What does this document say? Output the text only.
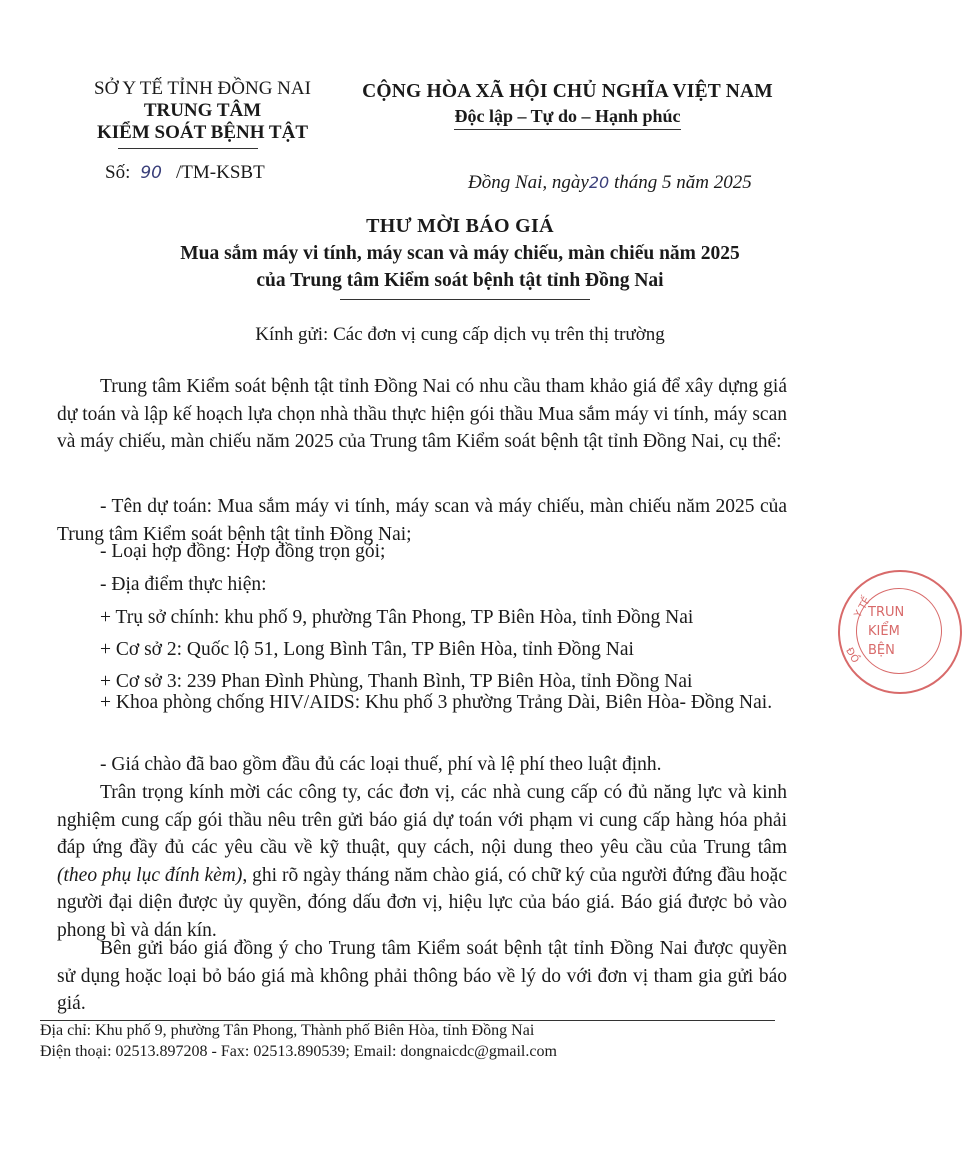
SỞ Y TẾ TỈNH ĐỒNG NAI
TRUNG TÂM
KIỂM SOÁT BỆNH TẬT
CỘNG HÒA XÃ HỘI CHỦ NGHĨA VIỆT NAM
Độc lập – Tự do – Hạnh phúc
Số: 90 /TM-KSBT	Đồng Nai, ngày20 tháng 5 năm 2025
THƯ MỜI BÁO GIÁ
Mua sắm máy vi tính, máy scan và máy chiếu, màn chiếu năm 2025
của Trung tâm Kiểm soát bệnh tật tỉnh Đồng Nai
Kính gửi: Các đơn vị cung cấp dịch vụ trên thị trường
Trung tâm Kiểm soát bệnh tật tỉnh Đồng Nai có nhu cầu tham khảo giá để xây dựng giá dự toán và lập kế hoạch lựa chọn nhà thầu thực hiện gói thầu Mua sắm máy vi tính, máy scan và máy chiếu, màn chiếu năm 2025 của Trung tâm Kiểm soát bệnh tật tỉnh Đồng Nai, cụ thể:
- Tên dự toán: Mua sắm máy vi tính, máy scan và máy chiếu, màn chiếu năm 2025 của Trung tâm Kiểm soát bệnh tật tỉnh Đồng Nai;
- Loại hợp đồng: Hợp đồng trọn gói;
- Địa điểm thực hiện:
+ Trụ sở chính: khu phố 9, phường Tân Phong, TP Biên Hòa, tỉnh Đồng Nai
+ Cơ sở 2: Quốc lộ 51, Long Bình Tân, TP Biên Hòa, tỉnh Đồng Nai
+ Cơ sở 3: 239 Phan Đình Phùng, Thanh Bình, TP Biên Hòa, tỉnh Đồng Nai
+ Khoa phòng chống HIV/AIDS: Khu phố 3 phường Trảng Dài, Biên Hòa- Đồng Nai.
- Giá chào đã bao gồm đầu đủ các loại thuế, phí và lệ phí theo luật định.
Trân trọng kính mời các công ty, các đơn vị, các nhà cung cấp có đủ năng lực và kinh nghiệm cung cấp gói thầu nêu trên gửi báo giá dự toán với phạm vi cung cấp hàng hóa phải đáp ứng đầy đủ các yêu cầu về kỹ thuật, quy cách, nội dung theo yêu cầu của Trung tâm (theo phụ lục đính kèm), ghi rõ ngày tháng năm chào giá, có chữ ký của người đứng đầu hoặc người đại diện được ủy quyền, đóng dấu đơn vị, hiệu lực của báo giá. Báo giá được bỏ vào phong bì và dán kín.
Bên gửi báo giá đồng ý cho Trung tâm Kiểm soát bệnh tật tỉnh Đồng Nai được quyền sử dụng hoặc loại bỏ báo giá mà không phải thông báo về lý do với đơn vị tham gia gửi báo giá.
Địa chỉ: Khu phố 9, phường Tân Phong, Thành phố Biên Hòa, tỉnh Đồng Nai
Điện thoại: 02513.897208 - Fax: 02513.890539; Email: dongnaicdc@gmail.com
Y TẾ
ĐỒ
TRUN
KIỂM
BỆN
